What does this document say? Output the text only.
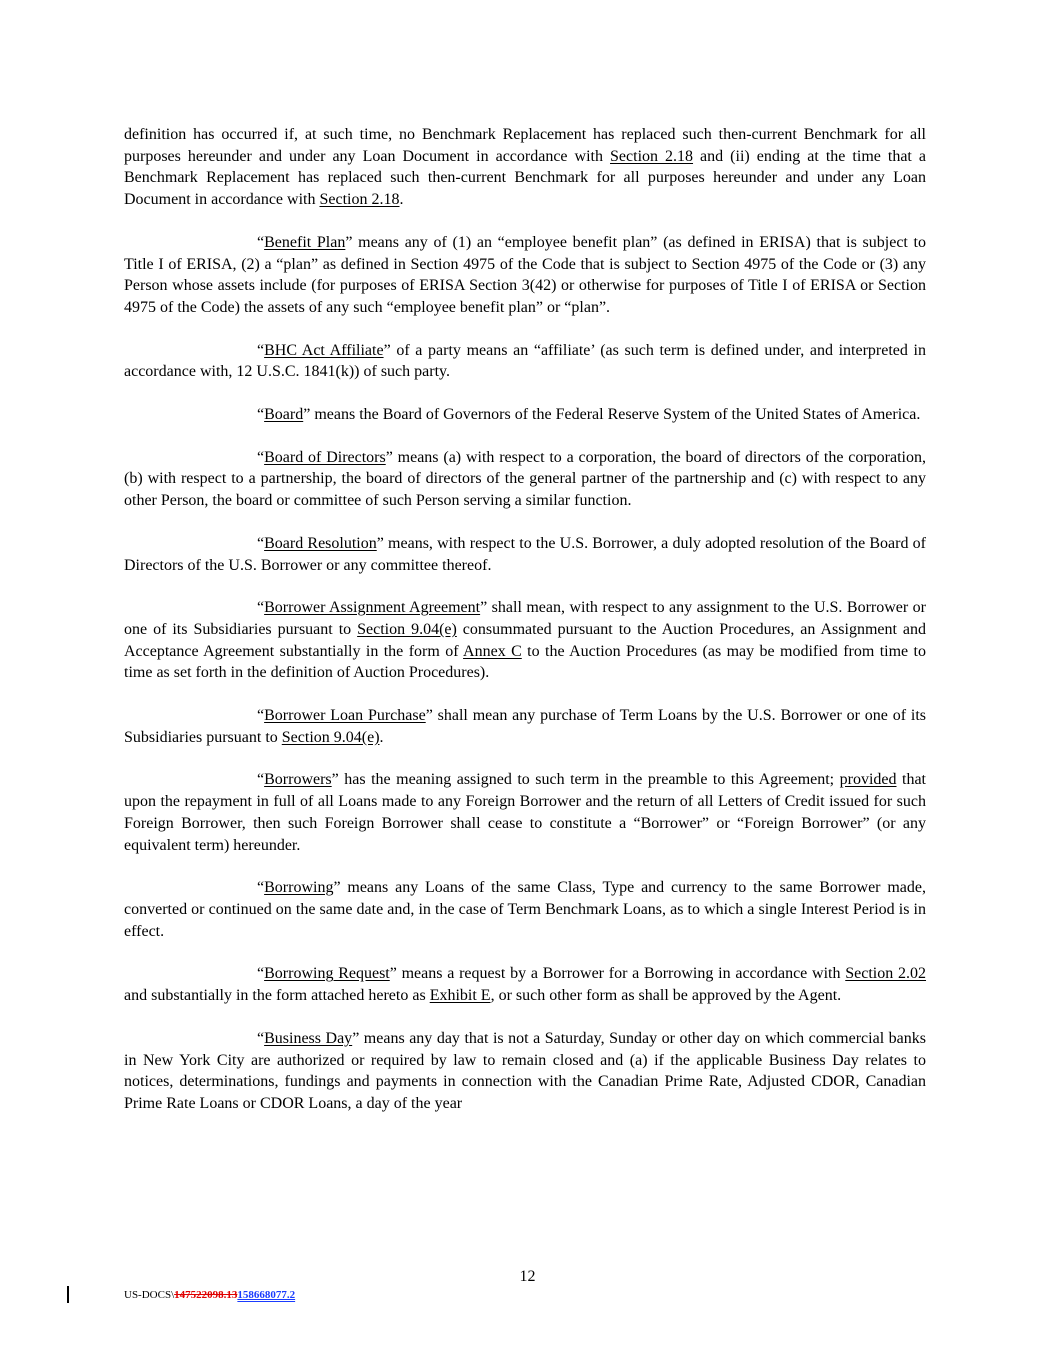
definition has occurred if, at such time, no Benchmark Replacement has replaced such then-current Benchmark for all purposes hereunder and under any Loan Document in accordance with Section 2.18 and (ii) ending at the time that a Benchmark Replacement has replaced such then-current Benchmark for all purposes hereunder and under any Loan Document in accordance with Section 2.18.

“Benefit Plan” means any of (1) an “employee benefit plan” (as defined in ERISA) that is subject to Title I of ERISA, (2) a “plan” as defined in Section 4975 of the Code that is subject to Section 4975 of the Code or (3) any Person whose assets include (for purposes of ERISA Section 3(42) or otherwise for purposes of Title I of ERISA or Section 4975 of the Code) the assets of any such “employee benefit plan” or “plan”.

“BHC Act Affiliate” of a party means an “affiliate’ (as such term is defined under, and interpreted in accordance with, 12 U.S.C. 1841(k)) of such party.

“Board” means the Board of Governors of the Federal Reserve System of the United States of America.

“Board of Directors” means (a) with respect to a corporation, the board of directors of the corporation, (b) with respect to a partnership, the board of directors of the general partner of the partnership and (c) with respect to any other Person, the board or committee of such Person serving a similar function.

“Board Resolution” means, with respect to the U.S. Borrower, a duly adopted resolution of the Board of Directors of the U.S. Borrower or any committee thereof.

“Borrower Assignment Agreement” shall mean, with respect to any assignment to the U.S. Borrower or one of its Subsidiaries pursuant to Section 9.04(e) consummated pursuant to the Auction Procedures, an Assignment and Acceptance Agreement substantially in the form of Annex C to the Auction Procedures (as may be modified from time to time as set forth in the definition of Auction Procedures).

“Borrower Loan Purchase” shall mean any purchase of Term Loans by the U.S. Borrower or one of its Subsidiaries pursuant to Section 9.04(e).

“Borrowers” has the meaning assigned to such term in the preamble to this Agreement; provided that upon the repayment in full of all Loans made to any Foreign Borrower and the return of all Letters of Credit issued for such Foreign Borrower, then such Foreign Borrower shall cease to constitute a “Borrower” or “Foreign Borrower” (or any equivalent term) hereunder.

“Borrowing” means any Loans of the same Class, Type and currency to the same Borrower made, converted or continued on the same date and, in the case of Term Benchmark Loans, as to which a single Interest Period is in effect.

“Borrowing Request” means a request by a Borrower for a Borrowing in accordance with Section 2.02 and substantially in the form attached hereto as Exhibit E, or such other form as shall be approved by the Agent.

“Business Day” means any day that is not a Saturday, Sunday or other day on which commercial banks in New York City are authorized or required by law to remain closed and (a) if the applicable Business Day relates to notices, determinations, fundings and payments in connection with the Canadian Prime Rate, Adjusted CDOR, Canadian Prime Rate Loans or CDOR Loans, a day of the year

12
US-DOCS\147522098.13158668077.2
